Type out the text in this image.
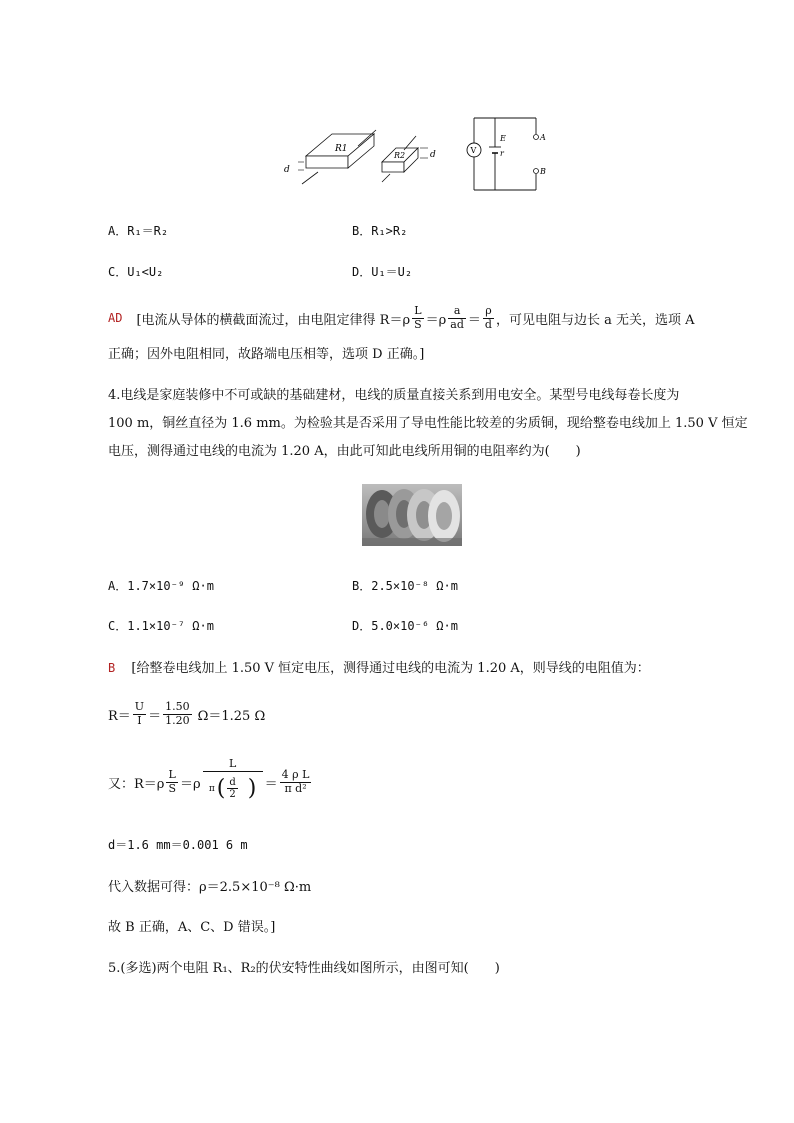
R1
d
R2	d	V
E
r
A
B
A．R₁＝R₂	B．R₁>R₂
C．U₁<U₂	D．U₁＝U₂
AD [电流从导体的横截面流过，由电阻定律得 $R=\rho \frac{L}{S} =\rho \frac{a}{ad} = \frac{\rho}{d}$ ，可见电阻与边长 a 无关，选项 A
正确；因外电阻相同，故路端电压相等，选项 D 正确。]
4.电线是家庭装修中不可或缺的基础建材，电线的质量直接关系到用电安全。某型号电线每卷长度为
100 m，铜丝直径为 1.6 mm。为检验其是否采用了导电性能比较差的劣质铜，现给整卷电线加上 1.50 V 恒定
电压，测得通过电线的电流为 1.20 A，由此可知此电线所用铜的电阻率约为(　　)
A．1.7×10⁻⁹ Ω·m	B．2.5×10⁻⁸ Ω·m
C．1.1×10⁻⁷ Ω·m	D．5.0×10⁻⁶ Ω·m
B [给整卷电线加上 1.50 V 恒定电压，测得通过电线的电流为 1.20 A，则导线的电阻值为：
$R= \frac{U}{I} = \frac{1.50}{1.20} \Omega=1.25$ Ω
又：$R=\rho \frac{L}{S} =\rho \frac{L}{\pi ( \frac{d}{2} )} = \frac{\text{4 ρ L}}{\text{π d²}}$
d＝1.6 mm＝0.001 6 m
代入数据可得：ρ＝2.5×10⁻⁸ Ω·m
故 B 正确，A、C、D 错误。]
5.(多选)两个电阻 R₁、R₂的伏安特性曲线如图所示，由图可知(　　)
